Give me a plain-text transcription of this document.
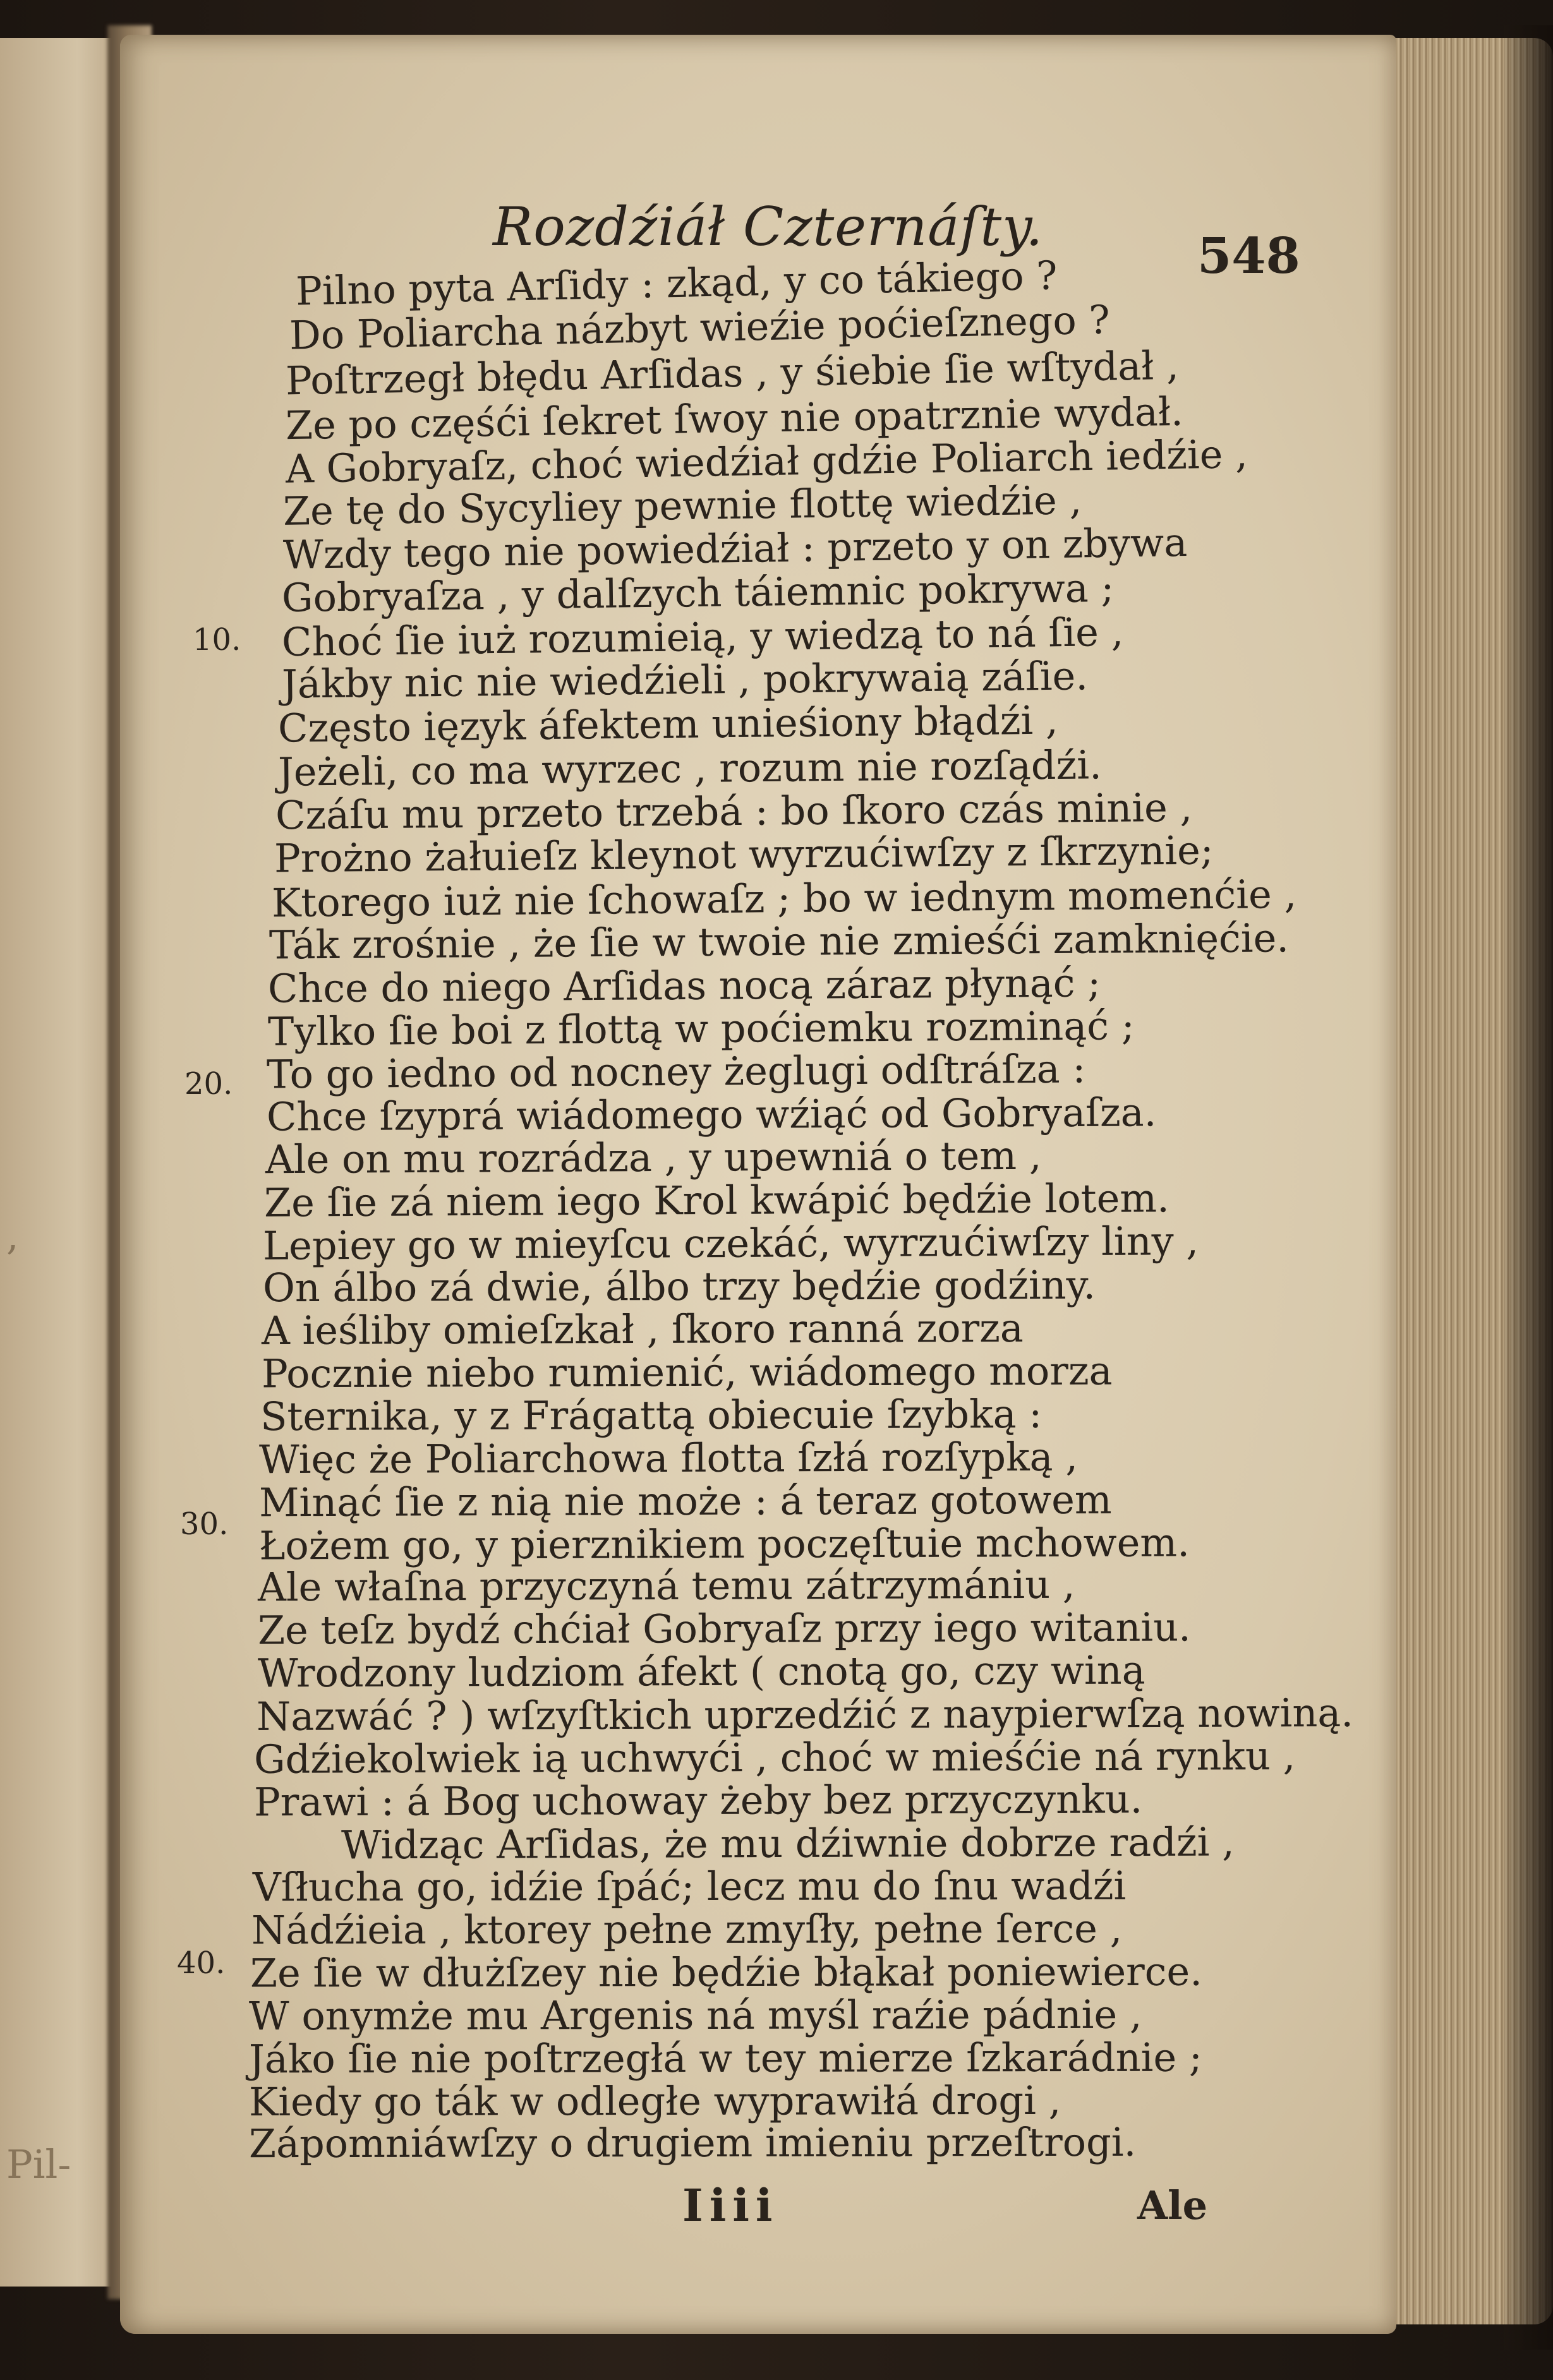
,
Pil-
Rozdźiáł Czternáſty.	548
10.
20.
30.
40.
Pilno pyta Arſidy : zkąd, y co tákiego ?
Do Poliarcha názbyt wieźie poćieſznego ?
Poſtrzegł błędu Arſidas , y śiebie ſie wſtydał ,
Ze po częśći ſekret ſwoy nie opatrznie wydał.
A Gobryaſz, choć wiedźiał gdźie Poliarch iedźie ,
Ze tę do Sycyliey pewnie flottę wiedźie ,
Wzdy tego nie powiedźiał : przeto y on zbywa
Gobryaſza , y dalſzych táiemnic pokrywa ;
Choć ſie iuż rozumieią, y wiedzą to ná ſie ,
Jákby nic nie wiedźieli , pokrywaią záſie.
Często ięzyk áfektem unieśiony błądźi ,
Jeżeli, co ma wyrzec , rozum nie rozſądźi.
Czáſu mu przeto trzebá : bo ſkoro czás minie ,
Prożno żałuieſz kleynot wyrzućiwſzy z ſkrzynie;
Ktorego iuż nie ſchowaſz ; bo w iednym momenćie ,
Ták zrośnie , że ſie w twoie nie zmieśći zamknięćie.
Chce do niego Arſidas nocą záraz płynąć ;
Tylko ſie boi z flottą w poćiemku rozminąć ;
To go iedno od nocney żeglugi odſtráſza :
Chce ſzyprá wiádomego wźiąć od Gobryaſza.
Ale on mu rozrádza , y upewniá o tem ,
Ze ſie zá niem iego Krol kwápić będźie lotem.
Lepiey go w mieyſcu czekáć, wyrzućiwſzy liny ,
On álbo zá dwie, álbo trzy będźie godźiny.
A ieśliby omieſzkał , ſkoro ranná zorza
Pocznie niebo rumienić, wiádomego morza
Sternika, y z Frágattą obiecuie ſzybką :
Więc że Poliarchowa flotta ſzłá rozſypką ,
Minąć ſie z nią nie może : á teraz gotowem
Łożem go, y pierznikiem poczęſtuie mchowem.
Ale właſna przyczyná temu zátrzymániu ,
Ze teſz bydź chćiał Gobryaſz przy iego witaniu.
Wrodzony ludziom áfekt ( cnotą go, czy winą
Nazwáć ? ) wſzyſtkich uprzedźić z naypierwſzą nowiną.
Gdźiekolwiek ią uchwyći , choć w mieśćie ná rynku ,
Prawi : á Bog uchoway żeby bez przyczynku.
Widząc Arſidas, że mu dźiwnie dobrze radźi ,
Vſłucha go, idźie ſpáć; lecz mu do ſnu wadźi
Nádźieia , ktorey pełne zmyſły, pełne ſerce ,
Ze ſie w dłużſzey nie będźie błąkał poniewierce.
W onymże mu Argenis ná myśl raźie pádnie ,
Jáko ſie nie poſtrzegłá w tey mierze ſzkarádnie ;
Kiedy go ták w odległe wyprawiłá drogi ,
Zápomniáwſzy o drugiem imieniu przeſtrogi.
Iiii	Ale
